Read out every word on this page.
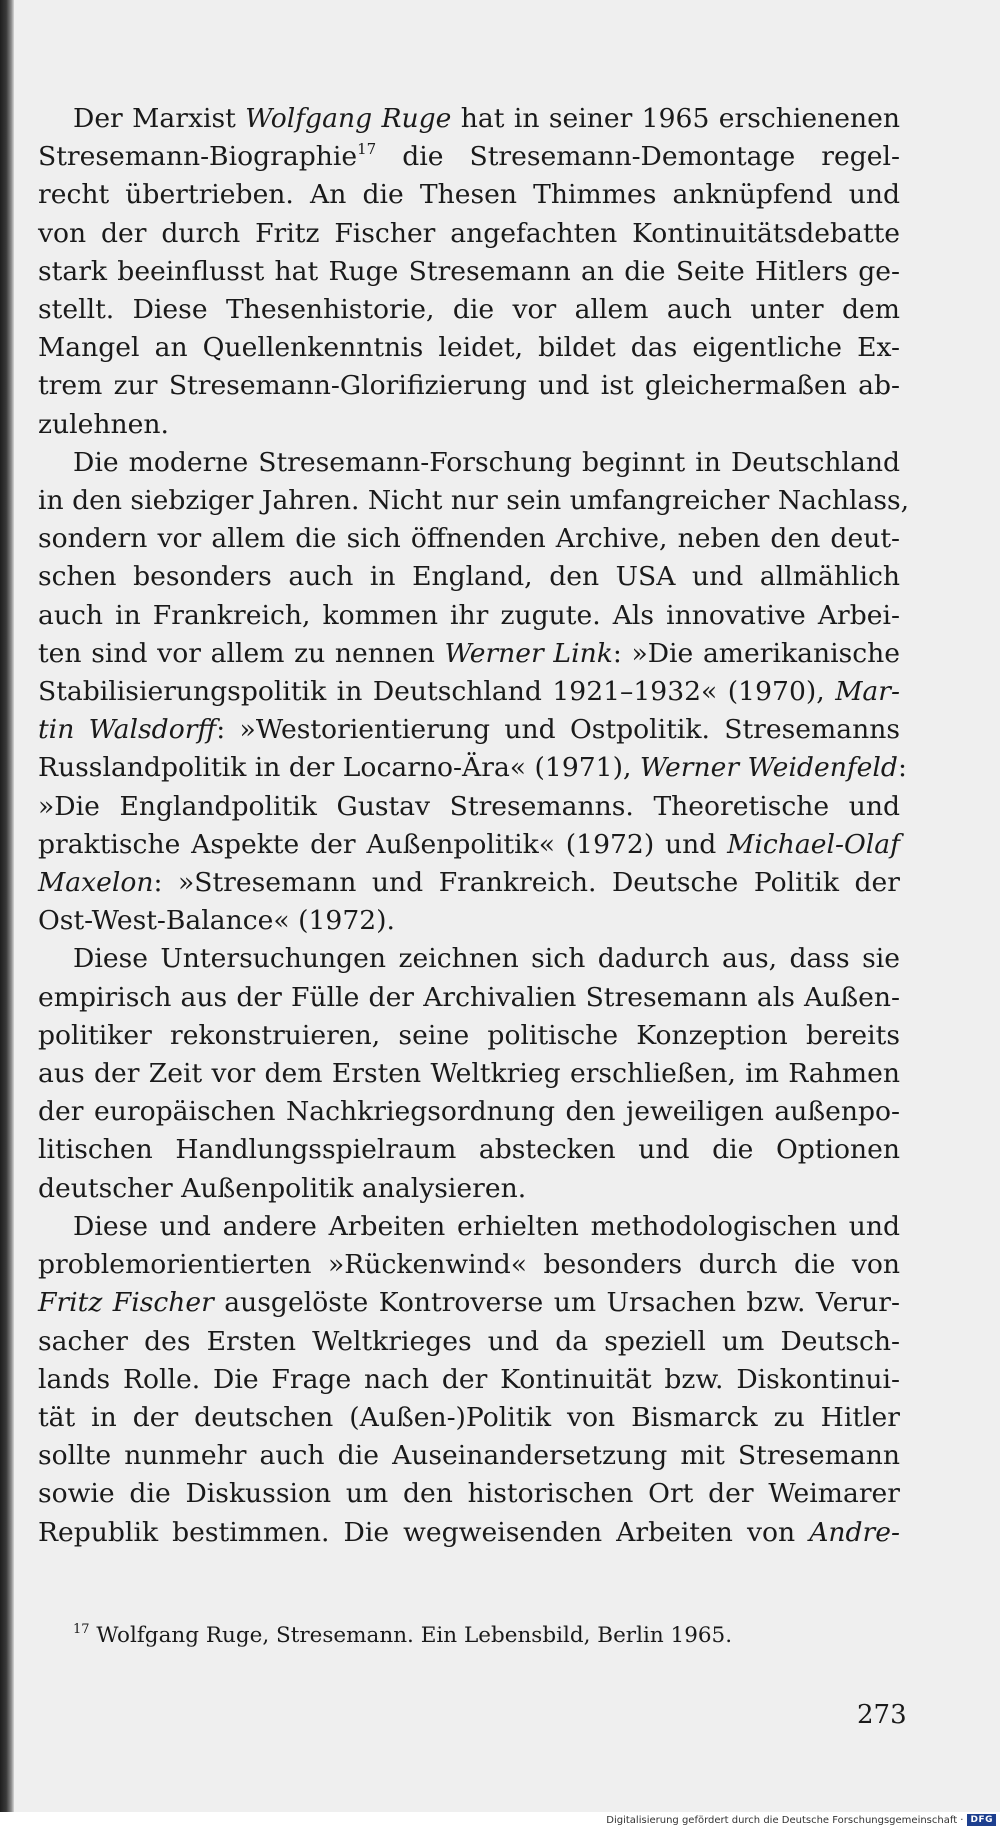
Der Marxist Wolfgang Ruge hat in seiner 1965 erschienenen
Stresemann-Biographie$^{17}$ die Stresemann-Demontage regel-
recht übertrieben. An die Thesen Thimmes anknüpfend und
von der durch Fritz Fischer angefachten Kontinuitätsdebatte
stark beeinflusst hat Ruge Stresemann an die Seite Hitlers ge-
stellt. Diese Thesenhistorie, die vor allem auch unter dem
Mangel an Quellenkenntnis leidet, bildet das eigentliche Ex-
trem zur Stresemann-Glorifizierung und ist gleichermaßen ab-
zulehnen.
Die moderne Stresemann-Forschung beginnt in Deutschland
in den siebziger Jahren. Nicht nur sein umfangreicher Nachlass,
sondern vor allem die sich öffnenden Archive, neben den deut-
schen besonders auch in England, den USA und allmählich
auch in Frankreich, kommen ihr zugute. Als innovative Arbei-
ten sind vor allem zu nennen Werner Link: »Die amerikanische
Stabilisierungspolitik in Deutschland 1921–1932« (1970), Mar-
tin Walsdorff: »Westorientierung und Ostpolitik. Stresemanns
Russlandpolitik in der Locarno-Ära« (1971), Werner Weidenfeld:
»Die Englandpolitik Gustav Stresemanns. Theoretische und
praktische Aspekte der Außenpolitik« (1972) und Michael-Olaf
Maxelon: »Stresemann und Frankreich. Deutsche Politik der
Ost-West-Balance« (1972).
Diese Untersuchungen zeichnen sich dadurch aus, dass sie
empirisch aus der Fülle der Archivalien Stresemann als Außen-
politiker rekonstruieren, seine politische Konzeption bereits
aus der Zeit vor dem Ersten Weltkrieg erschließen, im Rahmen
der europäischen Nachkriegsordnung den jeweiligen außenpo-
litischen Handlungsspielraum abstecken und die Optionen
deutscher Außenpolitik analysieren.
Diese und andere Arbeiten erhielten methodologischen und
problemorientierten »Rückenwind« besonders durch die von
Fritz Fischer ausgelöste Kontroverse um Ursachen bzw. Verur-
sacher des Ersten Weltkrieges und da speziell um Deutsch-
lands Rolle. Die Frage nach der Kontinuität bzw. Diskontinui-
tät in der deutschen (Außen-)Politik von Bismarck zu Hitler
sollte nunmehr auch die Auseinandersetzung mit Stresemann
sowie die Diskussion um den historischen Ort der Weimarer
Republik bestimmen. Die wegweisenden Arbeiten von Andre-
$^{17}$ Wolfgang Ruge, Stresemann. Ein Lebensbild, Berlin 1965.
273
Digitalisierung gefördert durch die Deutsche Forschungsgemeinschaft · DFG
